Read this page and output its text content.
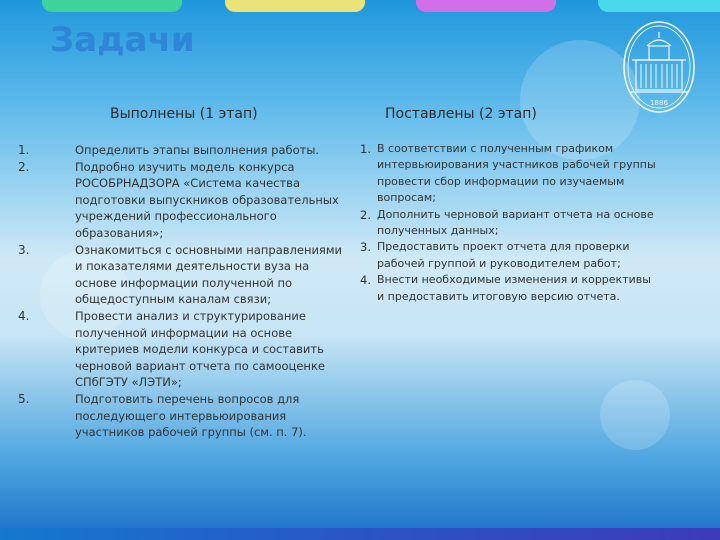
Задачи
1886
Выполнены (1 этап)	Поставлены (2 этап)
1.	Определить этапы выполнения работы.
2.	Подробно изучить модель конкурса РОСОБРНАДЗОРА «Система качества подготовки выпускников образовательных учреждений профессионального образования»;
3.	Ознакомиться с основными направлениями и показателями деятельности вуза на основе информации полученной по общедоступным каналам связи;
4.	Провести анализ и структурирование полученной информации на основе критериев модели конкурса и составить черновой вариант отчета по самооценке СПбГЭТУ «ЛЭТИ»;
5.	Подготовить перечень вопросов для последующего интервьюирования участников рабочей группы (см. п. 7).
1. В соответствии с полученным графиком интервьюирования участников рабочей группы провести сбор информации по изучаемым вопросам;
2. Дополнить черновой вариант отчета на основе полученных данных;
3. Предоставить проект отчета для проверки рабочей группой и руководителем работ;
4. Внести необходимые изменения и коррективы и предоставить итоговую версию отчета.
